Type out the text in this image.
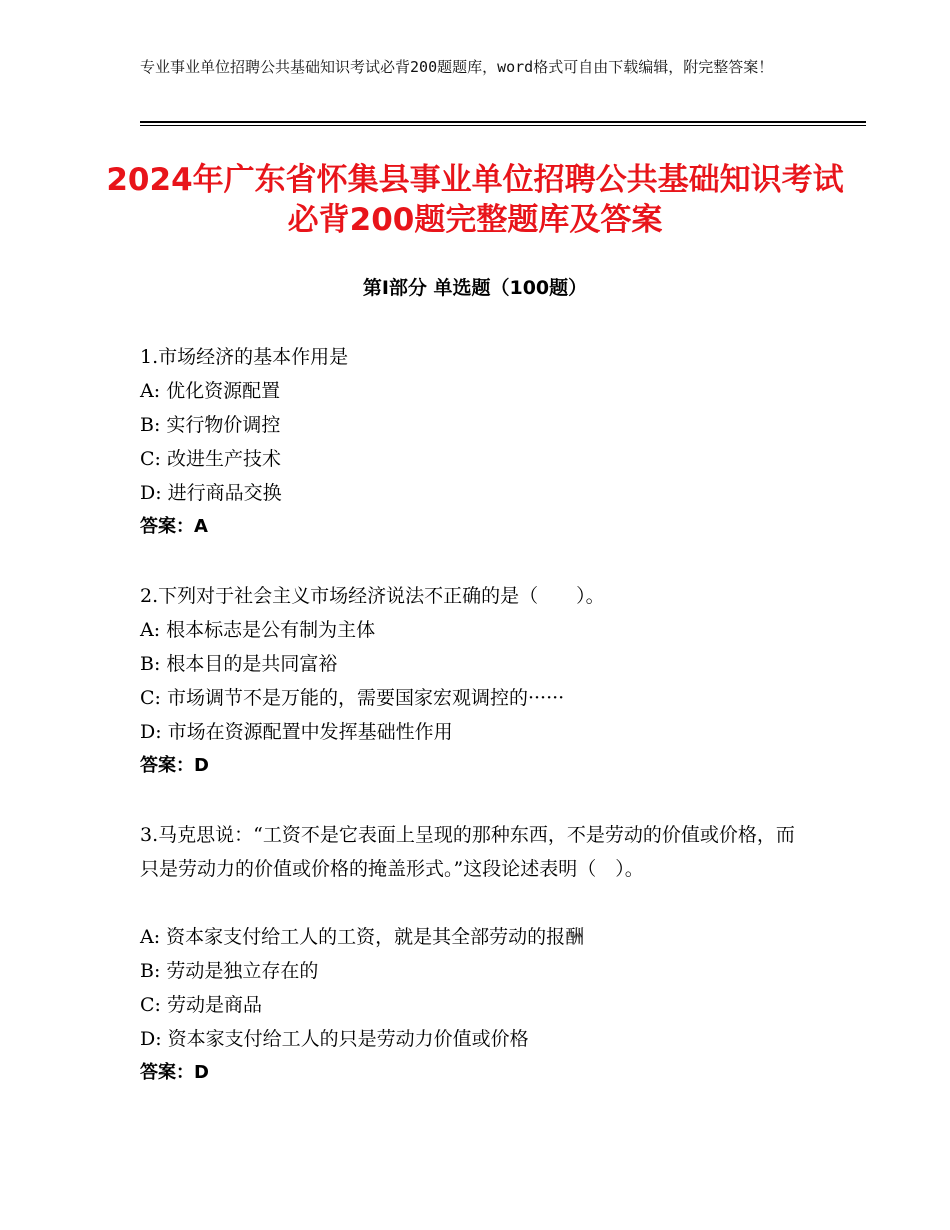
专业事业单位招聘公共基础知识考试必背200题题库，word格式可自由下载编辑，附完整答案！
2024年广东省怀集县事业单位招聘公共基础知识考试必背200题完整题库及答案
第Ⅰ部分 单选题（100题）
1.市场经济的基本作用是
A: 优化资源配置
B: 实行物价调控
C: 改进生产技术
D: 进行商品交换
答案：A
2.下列对于社会主义市场经济说法不正确的是（　　）。
A: 根本标志是公有制为主体
B: 根本目的是共同富裕
C: 市场调节不是万能的，需要国家宏观调控的······
D: 市场在资源配置中发挥基础性作用
答案：D
3.马克思说：“工资不是它表面上呈现的那种东西，不是劳动的价值或价格，而只是劳动力的价值或价格的掩盖形式。”这段论述表明（　）。
A: 资本家支付给工人的工资，就是其全部劳动的报酬
B: 劳动是独立存在的
C: 劳动是商品
D: 资本家支付给工人的只是劳动力价值或价格
答案：D
